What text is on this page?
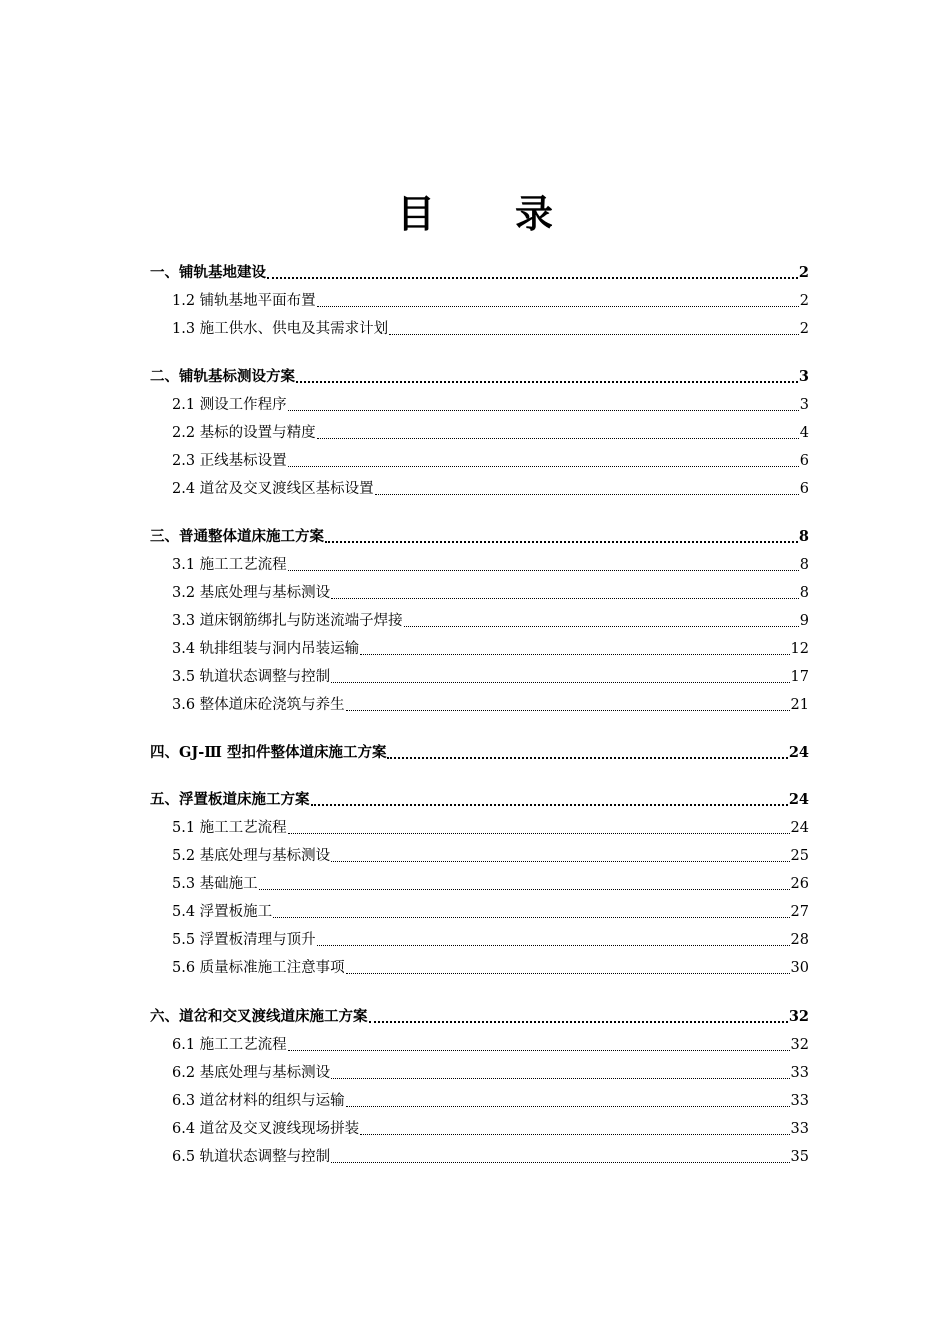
目 录
一、铺轨基地建设	2
1.2 铺轨基地平面布置	2
1.3 施工供水、供电及其需求计划	2
二、铺轨基标测设方案	3
2.1 测设工作程序	3
2.2 基标的设置与精度	4
2.3 正线基标设置	6
2.4 道岔及交叉渡线区基标设置	6
三、普通整体道床施工方案	8
3.1 施工工艺流程	8
3.2 基底处理与基标测设	8
3.3 道床钢筋绑扎与防迷流端子焊接	9
3.4 轨排组装与洞内吊装运输	12
3.5 轨道状态调整与控制	17
3.6 整体道床砼浇筑与养生	21
四、GJ-Ⅲ 型扣件整体道床施工方案	24
五、浮置板道床施工方案	24
5.1 施工工艺流程	24
5.2 基底处理与基标测设	25
5.3 基础施工	26
5.4 浮置板施工	27
5.5 浮置板清理与顶升	28
5.6 质量标准施工注意事项	30
六、道岔和交叉渡线道床施工方案	32
6.1 施工工艺流程	32
6.2 基底处理与基标测设	33
6.3 道岔材料的组织与运输	33
6.4 道岔及交叉渡线现场拼装	33
6.5 轨道状态调整与控制	35
